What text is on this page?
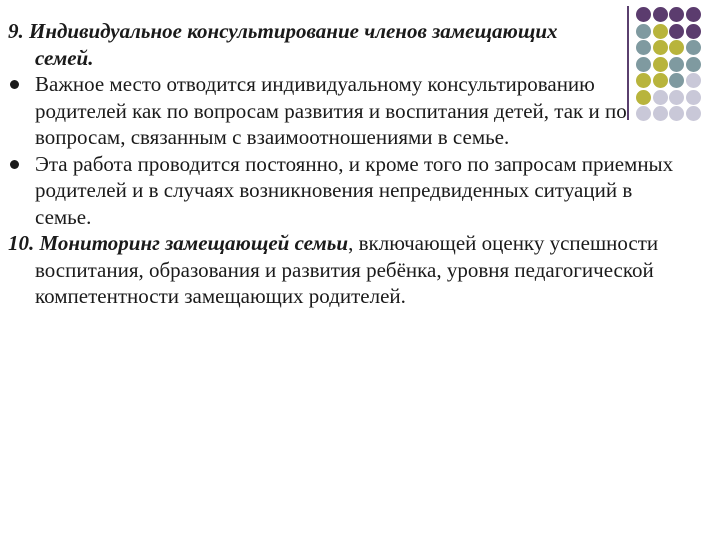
9. Индивидуальное консультирование членов замещающих
семей.

Важное место отводится индивидуальному консультированию родителей как по вопросам развития и воспитания детей, так и по вопросам, связанным с взаимоотношениями в семье.

Эта работа проводится постоянно, и кроме того по запросам приемных родителей и в случаях возникновения непредвиденных ситуаций в семье.

10. Мониторинг замещающей семьи, включающей оценку успешности воспитания, образования и развития ребёнка, уровня педагогической компетентности замещающих родителей.
